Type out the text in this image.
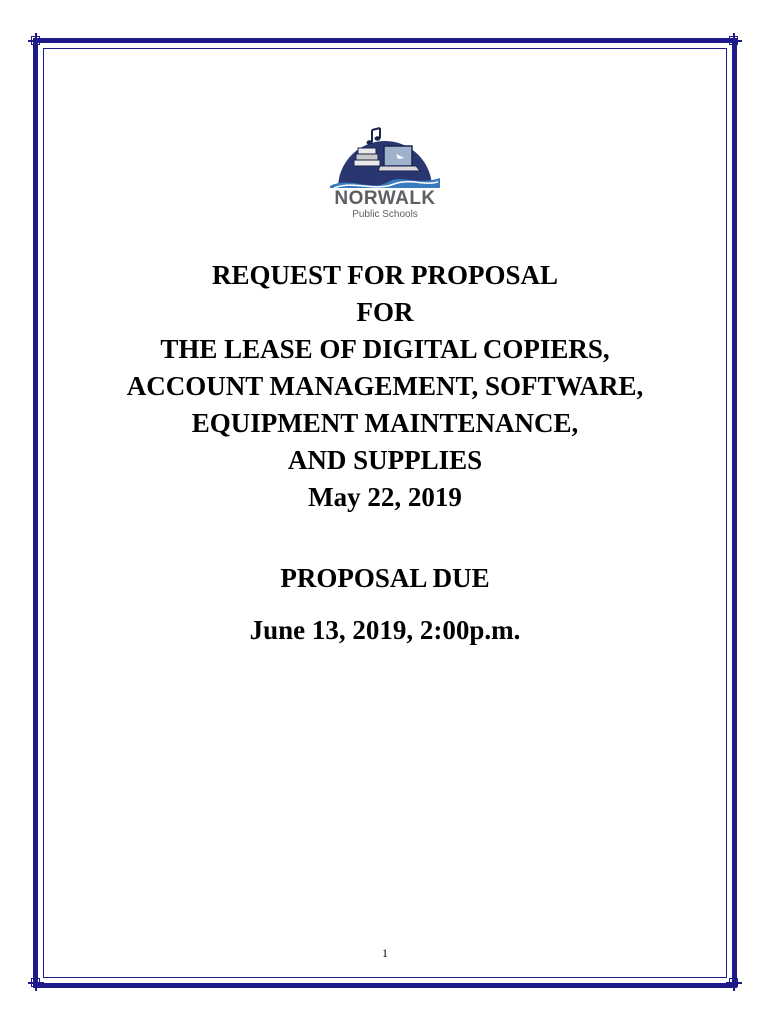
NORWALK
Public Schools
REQUEST FOR PROPOSAL
FOR
THE LEASE OF DIGITAL COPIERS,
ACCOUNT MANAGEMENT, SOFTWARE,
EQUIPMENT MAINTENANCE,
AND SUPPLIES
May 22, 2019
PROPOSAL DUE
June 13, 2019, 2:00p.m.
1
